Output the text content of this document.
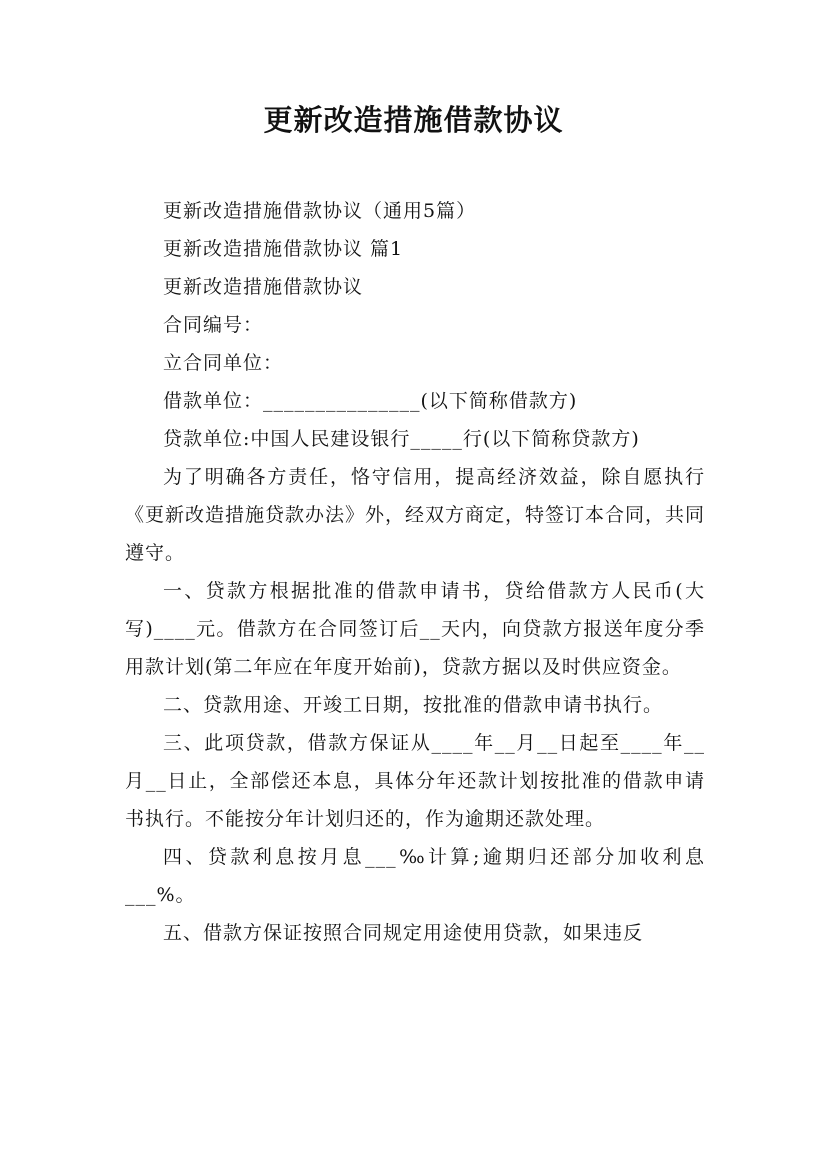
更新改造措施借款协议

更新改造措施借款协议（通用5篇）

更新改造措施借款协议 篇1

更新改造措施借款协议

合同编号：

立合同单位：

借款单位：_______________(以下简称借款方)

贷款单位:中国人民建设银行_____行(以下简称贷款方)

为了明确各方责任，恪守信用，提高经济效益，除自愿执行《更新改造措施贷款办法》外，经双方商定，特签订本合同，共同遵守。

一、贷款方根据批准的借款申请书，贷给借款方人民币(大写)____元。借款方在合同签订后__天内，向贷款方报送年度分季用款计划(第二年应在年度开始前)，贷款方据以及时供应资金。

二、贷款用途、开竣工日期，按批准的借款申请书执行。

三、此项贷款，借款方保证从____年__月__日起至____年__月__日止，全部偿还本息，具体分年还款计划按批准的借款申请书执行。不能按分年计划归还的，作为逾期还款处理。

四、贷款利息按月息___‰计算;逾期归还部分加收利息___%。

五、借款方保证按照合同规定用途使用贷款，如果违反
